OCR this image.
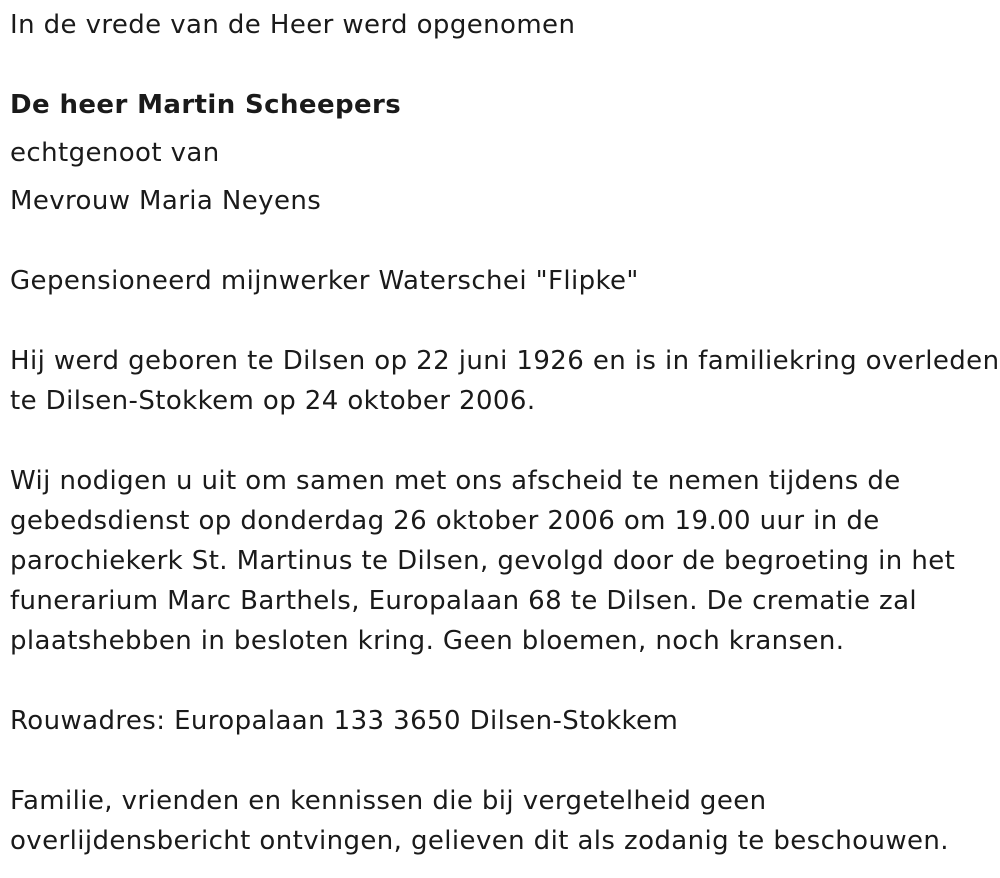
In de vrede van de Heer werd opgenomen
De heer Martin Scheepers
echtgenoot van
Mevrouw Maria Neyens
Gepensioneerd mijnwerker Waterschei "Flipke"
Hij werd geboren te Dilsen op 22 juni 1926 en is in familiekring overleden
te Dilsen-Stokkem op 24 oktober 2006.
Wij nodigen u uit om samen met ons afscheid te nemen tijdens de
gebedsdienst op donderdag 26 oktober 2006 om 19.00 uur in de
parochiekerk St. Martinus te Dilsen, gevolgd door de begroeting in het
funerarium Marc Barthels, Europalaan 68 te Dilsen. De crematie zal
plaatshebben in besloten kring. Geen bloemen, noch kransen.
Rouwadres: Europalaan 133 3650 Dilsen-Stokkem
Familie, vrienden en kennissen die bij vergetelheid geen
overlijdensbericht ontvingen, gelieven dit als zodanig te beschouwen.
